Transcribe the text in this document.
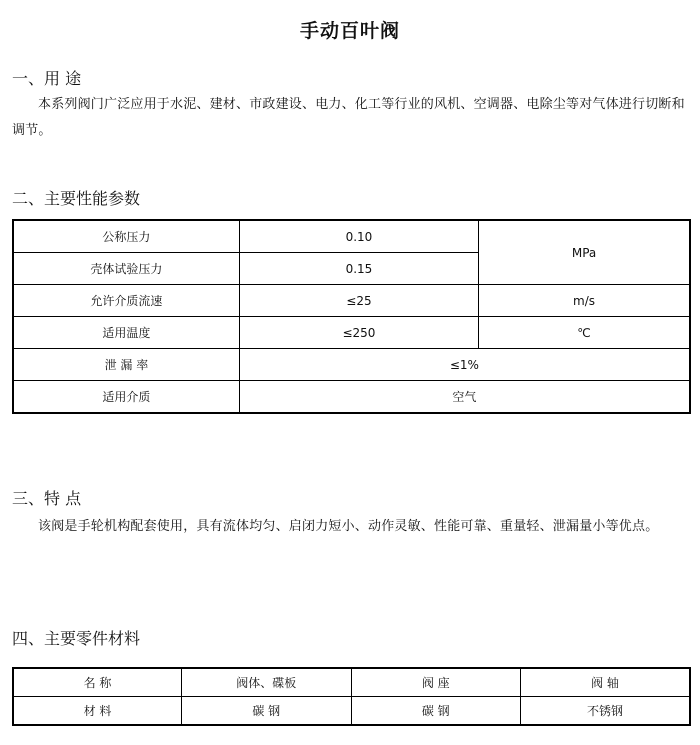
手动百叶阀
一、用 途
本系列阀门广泛应用于水泥、建材、市政建设、电力、化工等行业的风机、空调器、电除尘等对气体进行切断和调节。
二、主要性能参数
公称压力	0.10	MPa
壳体试验压力	0.15	
允许介质流速	≤25	m/s
适用温度	≤250	℃
泄 漏 率	≤1%	
适用介质	空气	
三、特 点
该阀是手轮机构配套使用，具有流体均匀、启闭力短小、动作灵敏、性能可靠、重量轻、泄漏量小等优点。
四、主要零件材料
名 称	阀体、碟板	阀 座	阀 轴
材 料	碳 钢	碳 钢	不锈钢
